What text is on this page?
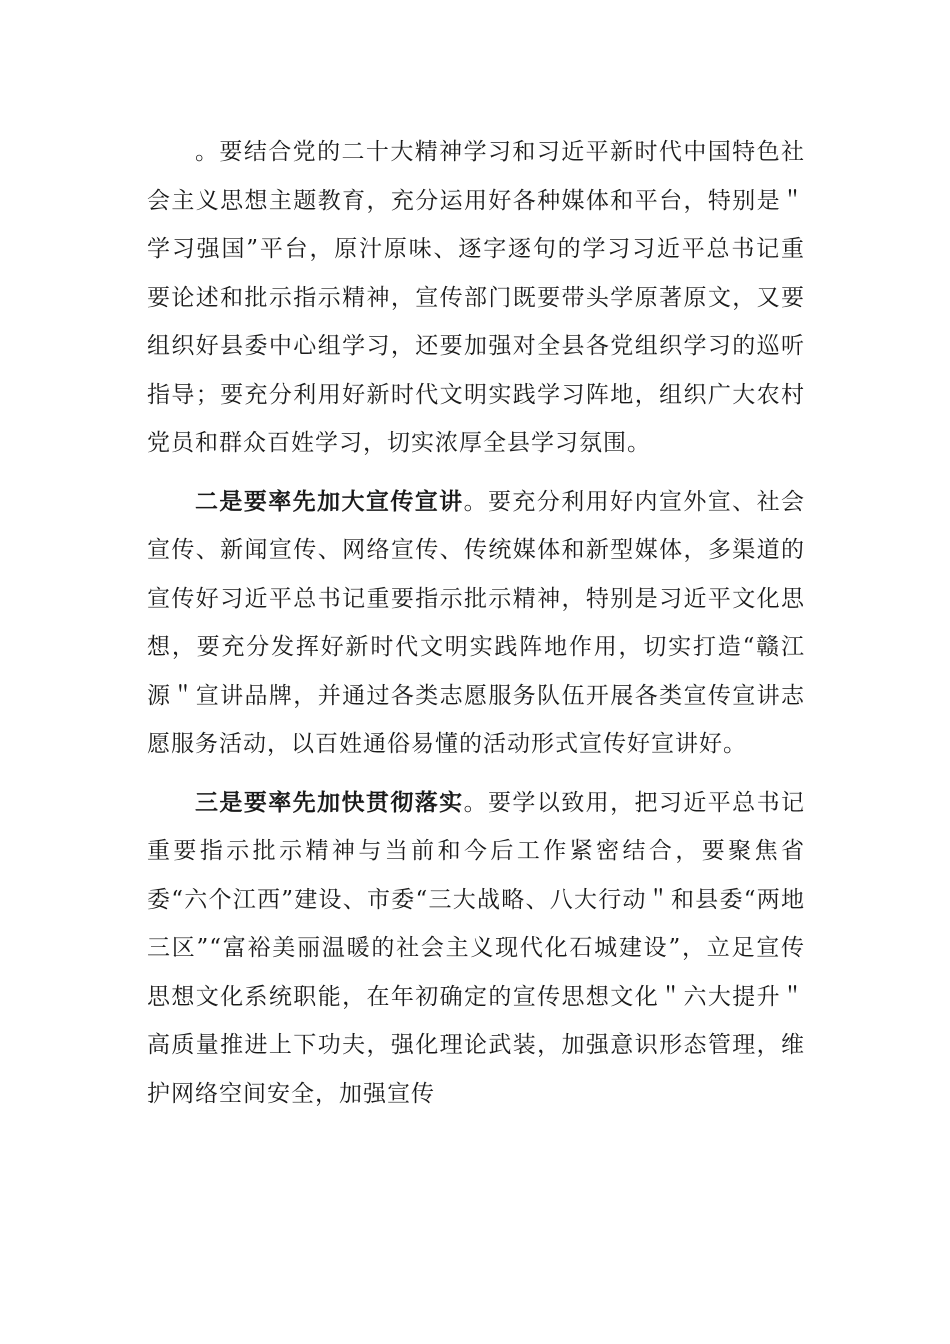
。要结合党的二十大精神学习和习近平新时代中国特色社会主义思想主题教育，充分运用好各种媒体和平台，特别是＂学习强国”平台，原汁原味、逐字逐句的学习习近平总书记重要论述和批示指示精神，宣传部门既要带头学原著原文，又要组织好县委中心组学习，还要加强对全县各党组织学习的巡听指导；要充分利用好新时代文明实践学习阵地，组织广大农村党员和群众百姓学习，切实浓厚全县学习氛围。

二是要率先加大宣传宣讲。要充分利用好内宣外宣、社会宣传、新闻宣传、网络宣传、传统媒体和新型媒体，多渠道的宣传好习近平总书记重要指示批示精神，特别是习近平文化思想，要充分发挥好新时代文明实践阵地作用，切实打造“赣江源＂宣讲品牌，并通过各类志愿服务队伍开展各类宣传宣讲志愿服务活动，以百姓通俗易懂的活动形式宣传好宣讲好。

三是要率先加快贯彻落实。要学以致用，把习近平总书记重要指示批示精神与当前和今后工作紧密结合，要聚焦省委“六个江西”建设、市委“三大战略、八大行动＂和县委“两地三区”“富裕美丽温暖的社会主义现代化石城建设”，立足宣传思想文化系统职能，在年初确定的宣传思想文化＂六大提升＂高质量推进上下功夫，强化理论武装，加强意识形态管理，维护网络空间安全，加强宣传
